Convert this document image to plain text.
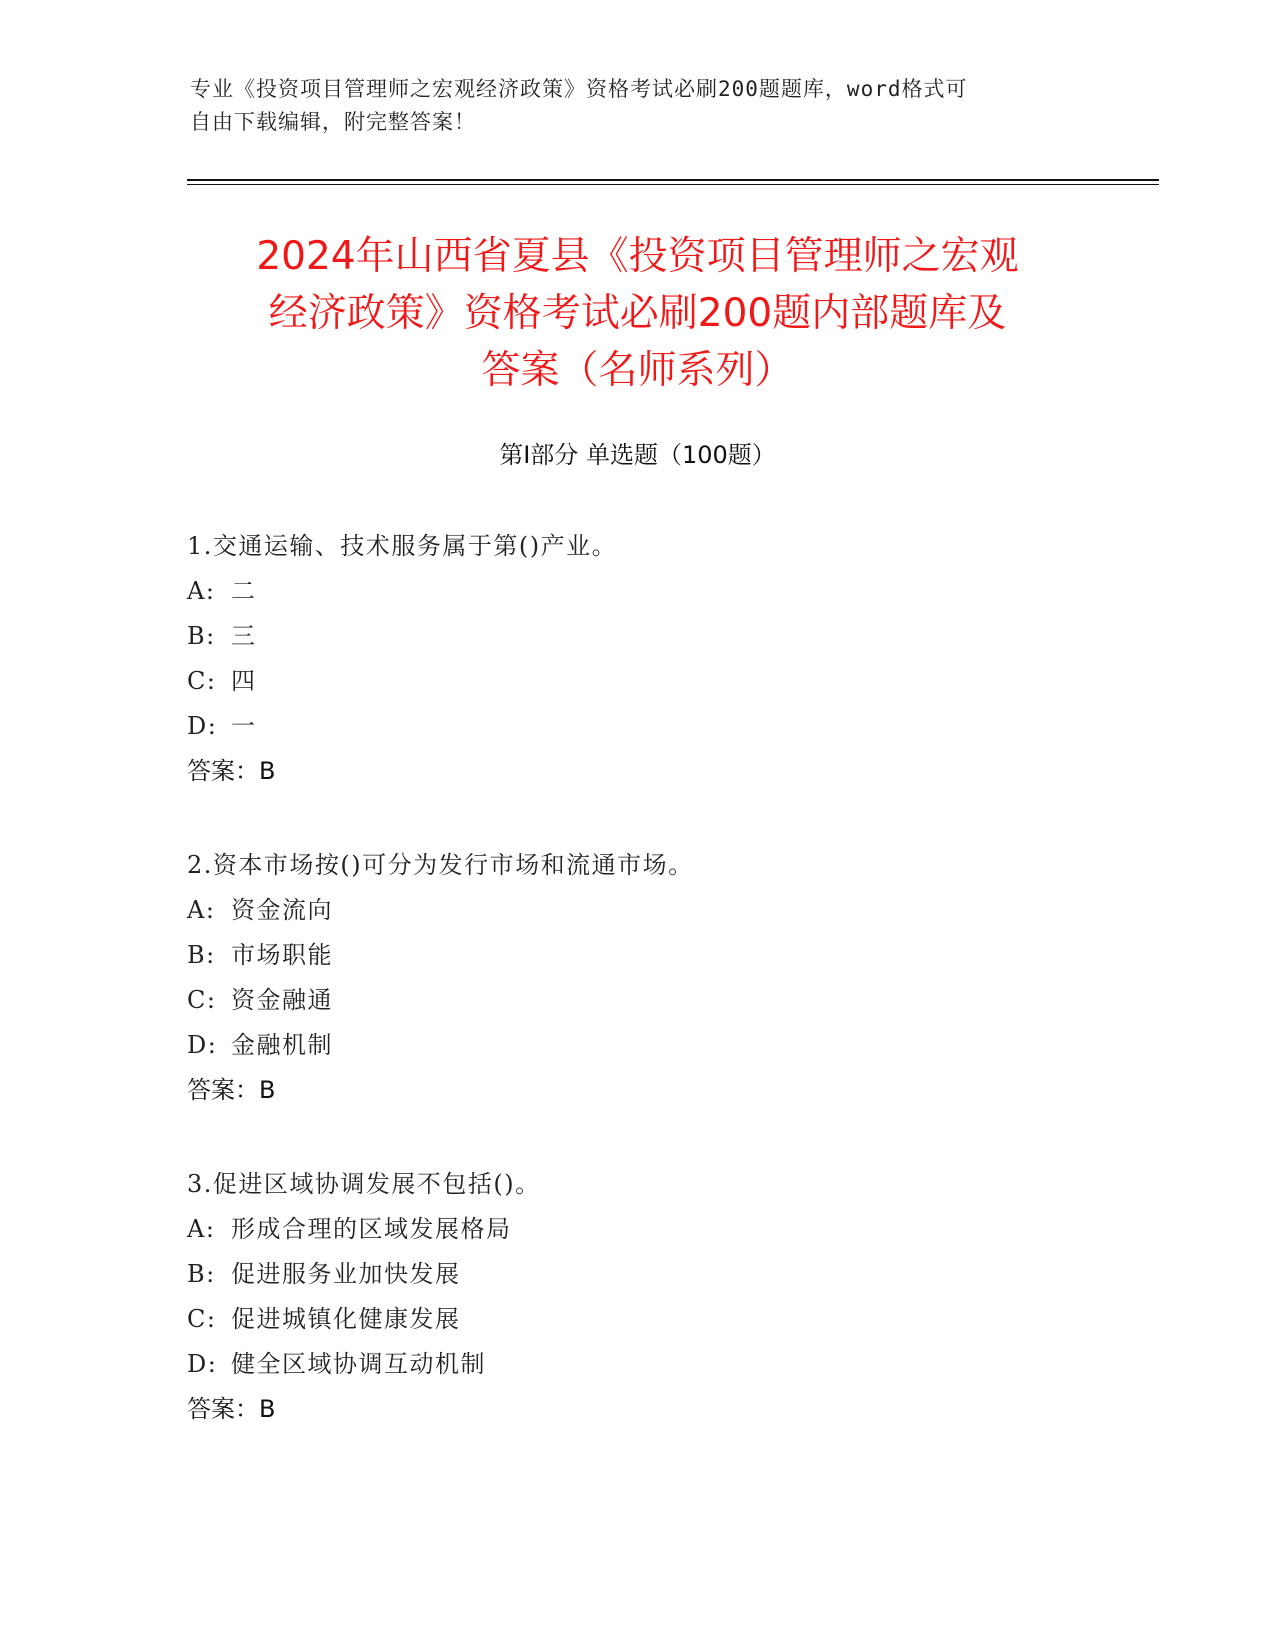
专业《投资项目管理师之宏观经济政策》资格考试必刷200题题库，word格式可
自由下载编辑，附完整答案！
2024年山西省夏县《投资项目管理师之宏观
经济政策》资格考试必刷200题内部题库及
答案（名师系列）
第Ⅰ部分 单选题（100题）
1.交通运输、技术服务属于第()产业。
A: 二
B: 三
C: 四
D: 一
答案：B
2.资本市场按()可分为发行市场和流通市场。
A: 资金流向
B: 市场职能
C: 资金融通
D: 金融机制
答案：B
3.促进区域协调发展不包括()。
A: 形成合理的区域发展格局
B: 促进服务业加快发展
C: 促进城镇化健康发展
D: 健全区域协调互动机制
答案：B
